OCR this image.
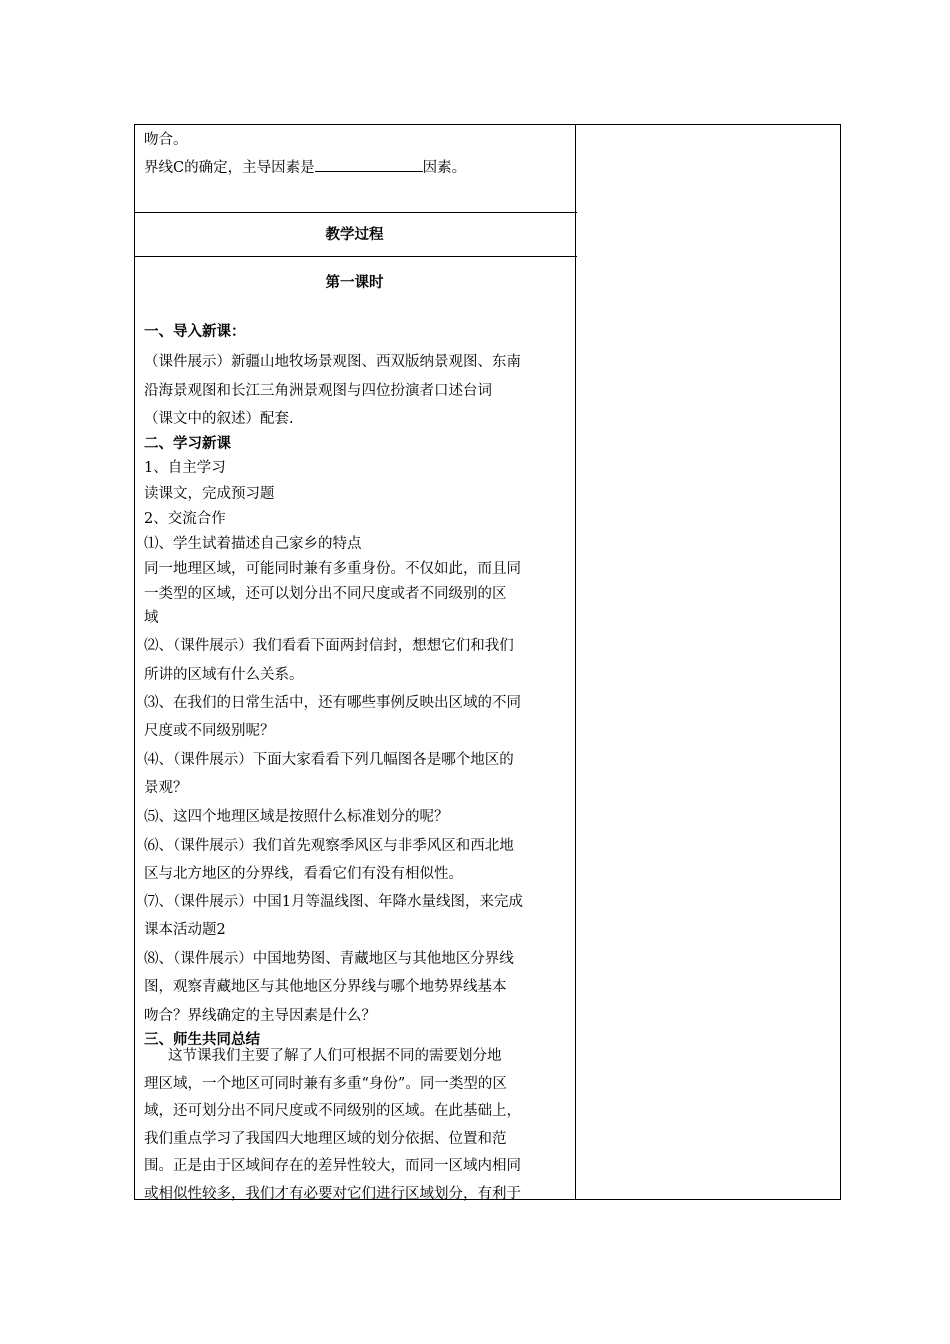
吻合。
界线C的确定，主导因素是	因素。
教学过程
第一课时
一、导入新课：
（课件展示）新疆山地牧场景观图、西双版纳景观图、东南
沿海景观图和长江三角洲景观图与四位扮演者口述台词
（课文中的叙述）配套.
二、学习新课
1、自主学习
读课文，完成预习题
2、交流合作
⑴、学生试着描述自己家乡的特点
同一地理区域，可能同时兼有多重身份。不仅如此，而且同
一类型的区域，还可以划分出不同尺度或者不同级别的区
域
⑵、（课件展示）我们看看下面两封信封，想想它们和我们
所讲的区域有什么关系。
⑶、在我们的日常生活中，还有哪些事例反映出区域的不同
尺度或不同级别呢？
⑷、（课件展示）下面大家看看下列几幅图各是哪个地区的
景观？
⑸、这四个地理区域是按照什么标准划分的呢？
⑹、（课件展示）我们首先观察季风区与非季风区和西北地
区与北方地区的分界线，看看它们有没有相似性。
⑺、（课件展示）中国1月等温线图、年降水量线图，来完成
课本活动题2
⑻、（课件展示）中国地势图、青藏地区与其他地区分界线
图，观察青藏地区与其他地区分界线与哪个地势界线基本
吻合？界线确定的主导因素是什么？
三、师生共同总结
这节课我们主要了解了人们可根据不同的需要划分地
理区域，一个地区可同时兼有多重“身份”。同一类型的区
域，还可划分出不同尺度或不同级别的区域。在此基础上，
我们重点学习了我国四大地理区域的划分依据、位置和范
围。正是由于区域间存在的差异性较大，而同一区域内相同
或相似性较多，我们才有必要对它们进行区域划分，有利于
